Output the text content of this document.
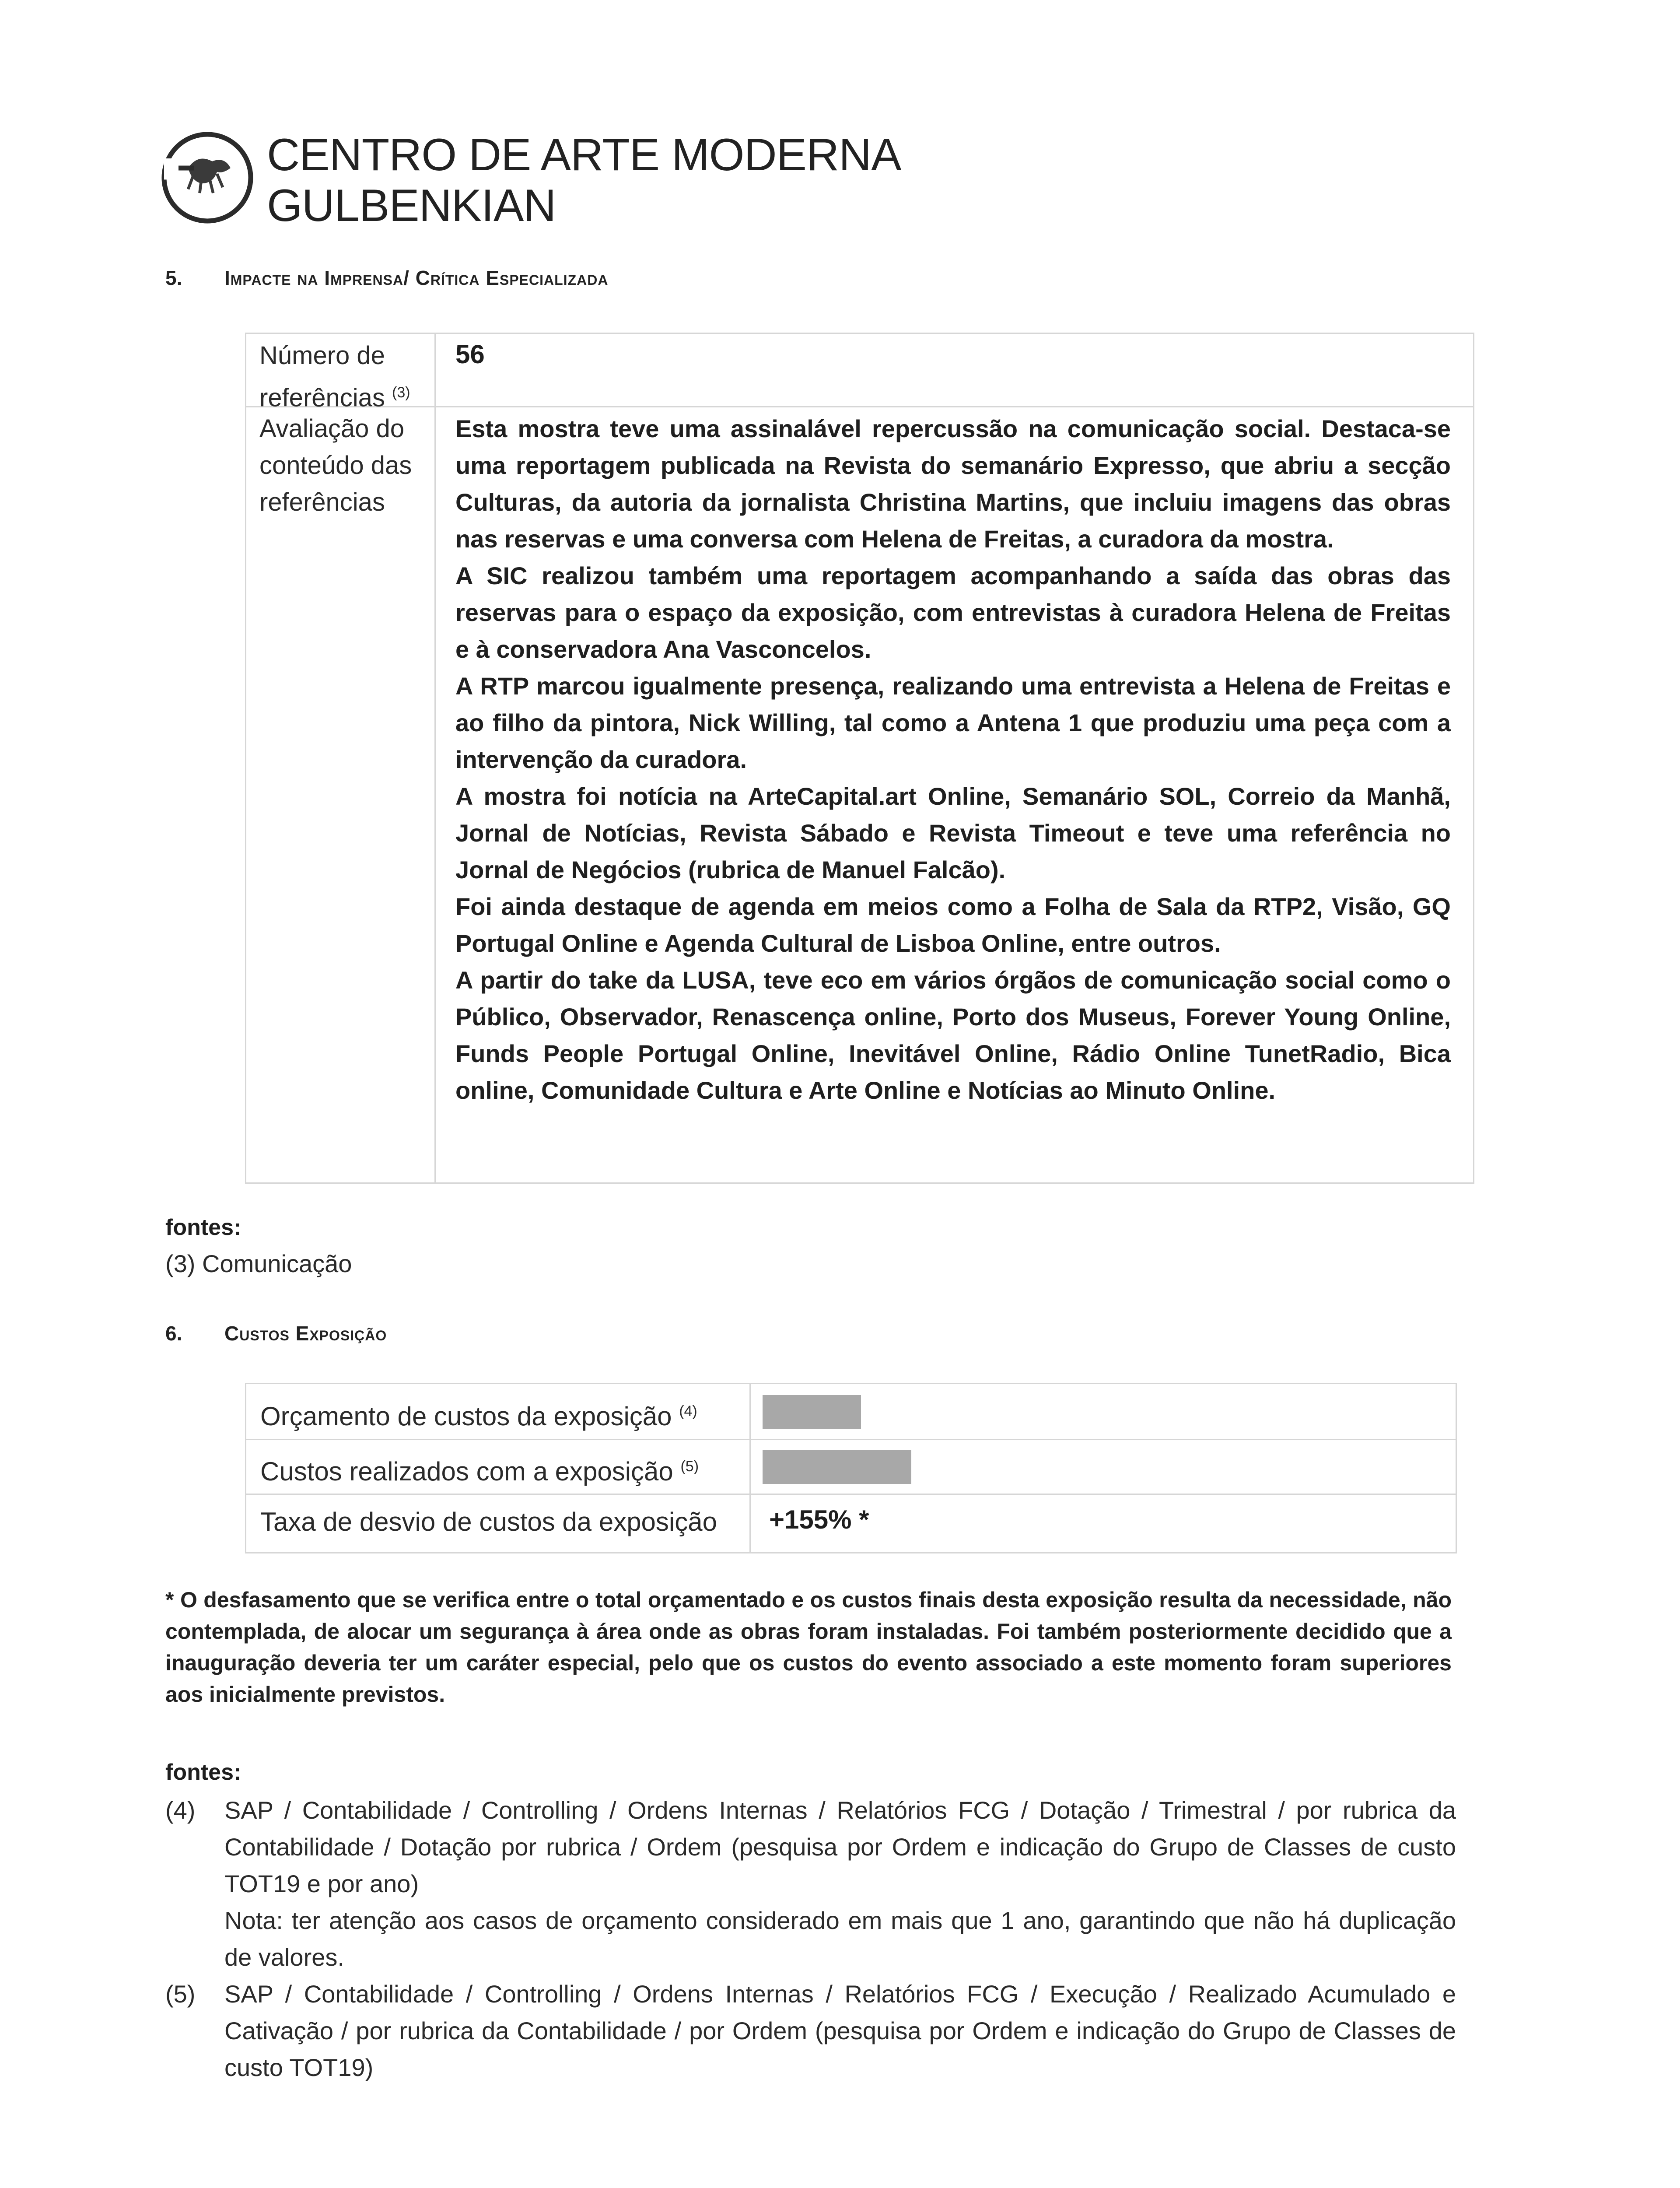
CENTRO DE ARTE MODERNA
GULBENKIAN
5. Impacte na Imprensa/ Crítica Especializada
Número de referências $^{(3)}$
56
Avaliação do conteúdo das referências

Esta mostra teve uma assinalável repercussão na comunicação social. Destaca-se uma reportagem publicada na Revista do semanário Expresso, que abriu a secção Culturas, da autoria da jornalista Christina Martins, que incluiu imagens das obras nas reservas e uma conversa com Helena de Freitas, a curadora da mostra.

A SIC realizou também uma reportagem acompanhando a saída das obras das reservas para o espaço da exposição, com entrevistas à curadora Helena de Freitas e à conservadora Ana Vasconcelos.

A RTP marcou igualmente presença, realizando uma entrevista a Helena de Freitas e ao filho da pintora, Nick Willing, tal como a Antena 1 que produziu uma peça com a intervenção da curadora.

A mostra foi notícia na ArteCapital.art Online, Semanário SOL, Correio da Manhã, Jornal de Notícias, Revista Sábado e Revista Timeout e teve uma referência no Jornal de Negócios (rubrica de Manuel Falcão).

Foi ainda destaque de agenda em meios como a Folha de Sala da RTP2, Visão, GQ Portugal Online e Agenda Cultural de Lisboa Online, entre outros.

A partir do take da LUSA, teve eco em vários órgãos de comunicação social como o Público, Observador, Renascença online, Porto dos Museus, Forever Young Online, Funds People Portugal Online, Inevitável Online, Rádio Online TunetRadio, Bica online, Comunidade Cultura e Arte Online e Notícias ao Minuto Online.

fontes:
(3) Comunicação
6. Custos Exposição
Orçamento de custos da exposição $^{(4)}$
Custos realizados com a exposição $^{(5)}$
Taxa de desvio de custos da exposição +155% *
* O desfasamento que se verifica entre o total orçamentado e os custos finais desta exposição resulta da necessidade, não contemplada, de alocar um segurança à área onde as obras foram instaladas. Foi também posteriormente decidido que a inauguração deveria ter um caráter especial, pelo que os custos do evento associado a este momento foram superiores aos inicialmente previstos.
fontes:
(4) SAP / Contabilidade / Controlling / Ordens Internas / Relatórios FCG / Dotação / Trimestral / por rubrica da Contabilidade / Dotação por rubrica / Ordem (pesquisa por Ordem e indicação do Grupo de Classes de custo TOT19 e por ano)

Nota: ter atenção aos casos de orçamento considerado em mais que 1 ano, garantindo que não há duplicação de valores.

(5) SAP / Contabilidade / Controlling / Ordens Internas / Relatórios FCG / Execução / Realizado Acumulado e Cativação / por rubrica da Contabilidade / por Ordem (pesquisa por Ordem e indicação do Grupo de Classes de custo TOT19)
